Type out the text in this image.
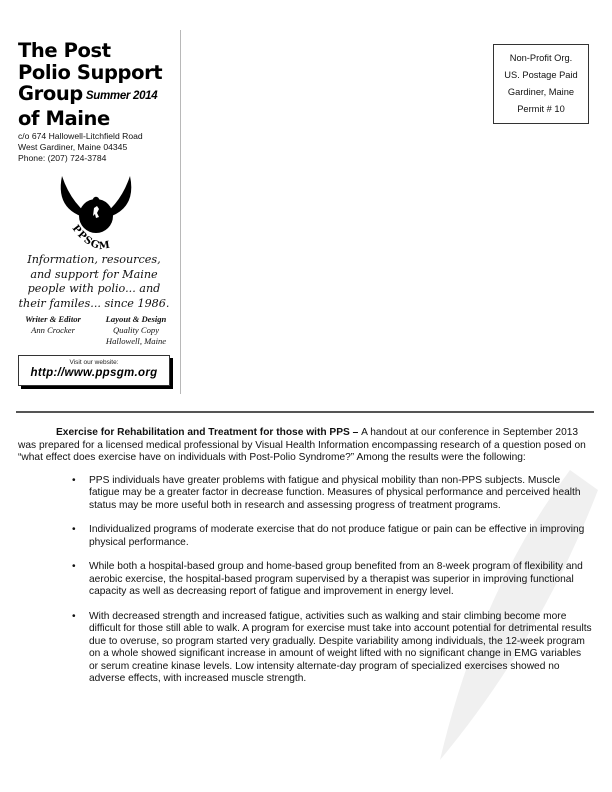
The Post
Polio Support
Group Summer 2014
of Maine
c/o 674 Hallowell-Litchfield Road
West Gardiner, Maine 04345
Phone: (207) 724-3784
PPSGM
Information, resources,
and support for Maine
people with polio... and
their familes... since 1986.
Writer & Editor
Ann Crocker
Layout & Design
Quality Copy
Hallowell, Maine
Visit our website:
http://www.ppsgm.org
Non-Profit Org.
US. Postage Paid
Gardiner, Maine
Permit # 10

Exercise for Rehabilitation and Treatment for those with PPS – A handout at our conference in September 2013 was prepared for a licensed medical professional by Visual Health Information encompassing research of a question posed on “what effect does exercise have on individuals with Post-Polio Syndrome?” Among the results were the following:

• PPS individuals have greater problems with fatigue and physical mobility than non-PPS subjects. Muscle fatigue may be a greater factor in decrease function. Measures of physical performance and perceived health status may be more useful both in research and assessing progress of treatment programs.
• Individualized programs of moderate exercise that do not produce fatigue or pain can be effective in improving physical performance.
• While both a hospital-based group and home-based group benefited from an 8-week program of flexibility and aerobic exercise, the hospital-based program supervised by a therapist was superior in improving functional capacity as well as decreasing report of fatigue and improvement in energy level.
• With decreased strength and increased fatigue, activities such as walking and stair climbing become more difficult for those still able to walk. A program for exercise must take into account potential for detrimental results due to overuse, so program started very gradually. Despite variability among individuals, the 12-week program on a whole showed significant increase in amount of weight lifted with no significant change in EMG variables or serum creatine kinase levels. Low intensity alternate-day program of specialized exercises showed no adverse effects, with increased muscle strength.
